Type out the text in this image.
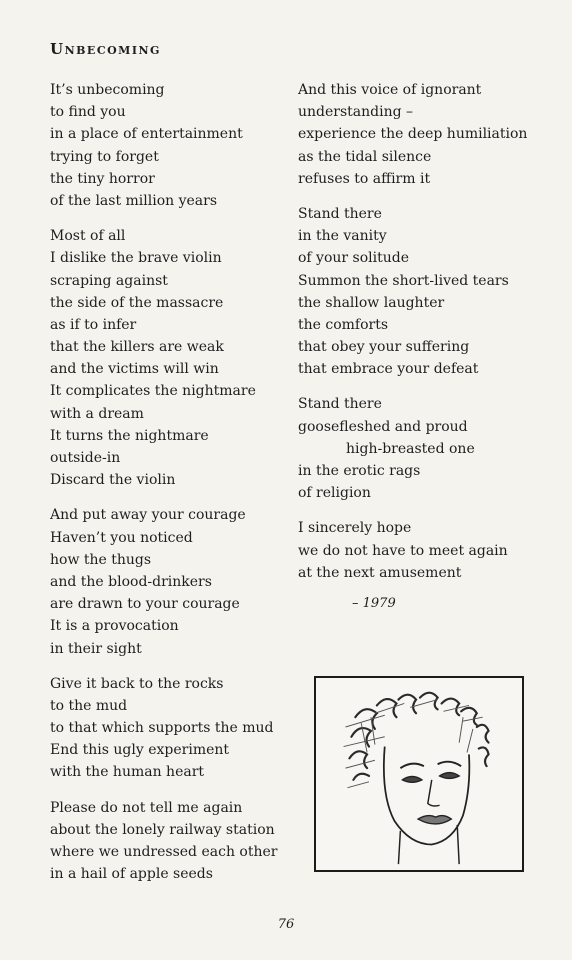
Unbecoming

It’s unbecoming
to find you
in a place of entertainment
trying to forget
the tiny horror
of the last million years

Most of all
I dislike the brave violin
scraping against
the side of the massacre
as if to infer
that the killers are weak
and the victims will win
It complicates the nightmare
with a dream
It turns the nightmare
outside-in
Discard the violin

And put away your courage
Haven’t you noticed
how the thugs
and the blood-drinkers
are drawn to your courage
It is a provocation
in their sight

Give it back to the rocks
to the mud
to that which supports the mud
End this ugly experiment
with the human heart

Please do not tell me again
about the lonely railway station
where we undressed each other
in a hail of apple seeds

And this voice of ignorant
understanding –
experience the deep humiliation
as the tidal silence
refuses to affirm it

Stand there
in the vanity
of your solitude
Summon the short-lived tears
the shallow laughter
the comforts
that obey your suffering
that embrace your defeat

Stand there
goosefleshed and proud
high-breasted one
in the erotic rags
of religion

I sincerely hope
we do not have to meet again
at the next amusement

– 1979
76
